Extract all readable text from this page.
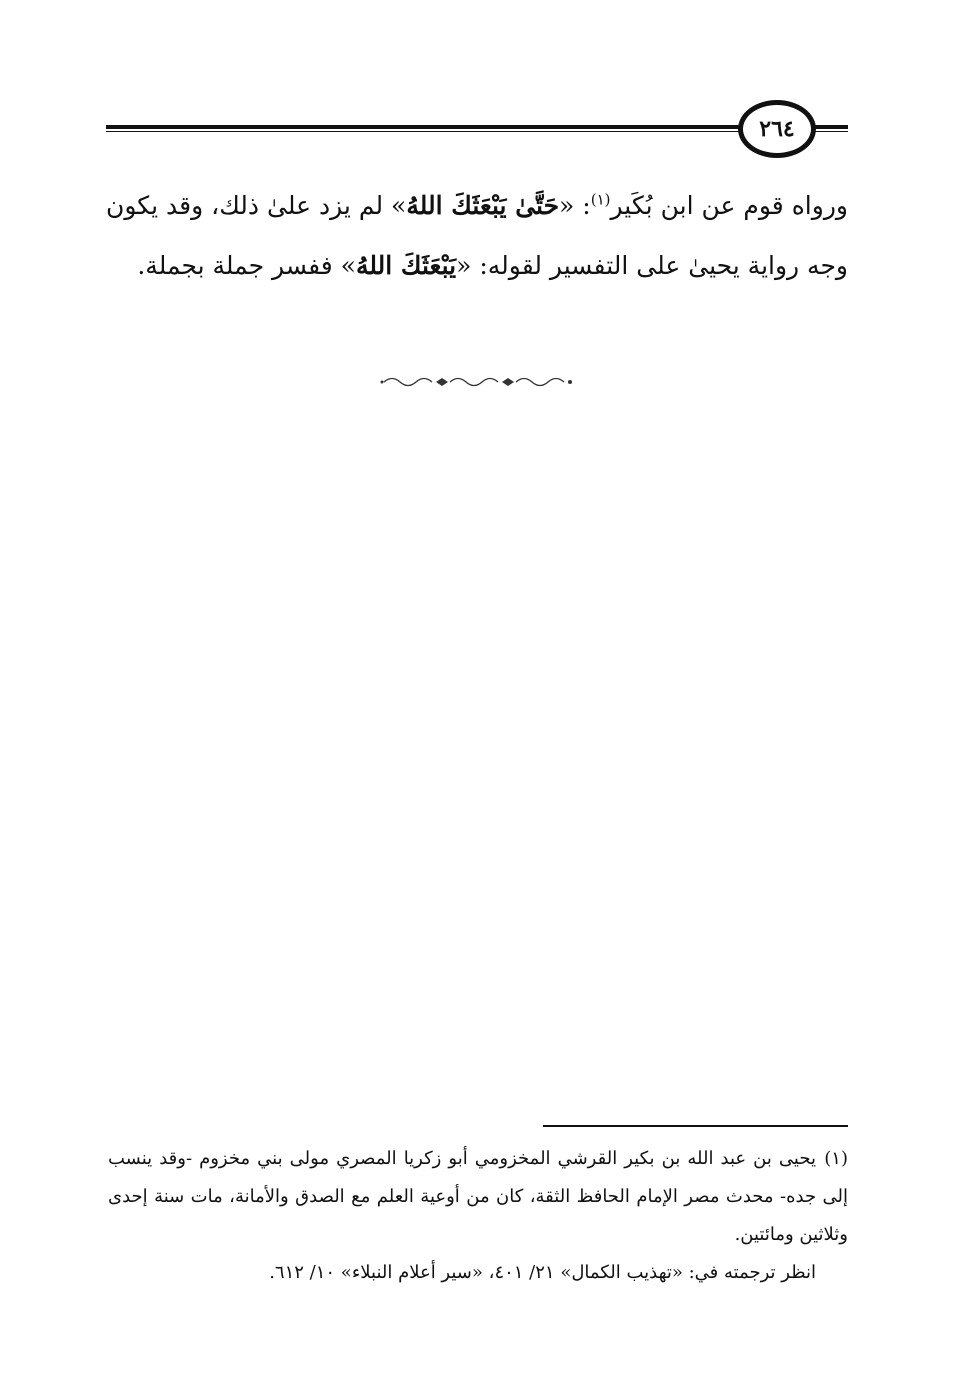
٢٦٤

ورواه قوم عن ابن بُكَير$^{(١)}$: «حَتَّىٰ يَبْعَثَكَ اللهُ» لم يزد علىٰ ذلك، وقد يكون وجه رواية يحيىٰ على التفسير لقوله: «يَبْعَثَكَ اللهُ» ففسر جملة بجملة.

(١)يحيى بن عبد الله بن بكير القرشي المخزومي أبو زكريا المصري مولى بني مخزوم -وقد ينسب إلى جده- محدث مصر الإمام الحافظ الثقة، كان من أوعية العلم مع الصدق والأمانة، مات سنة إحدى وثلاثين ومائتين.

انظر ترجمته في: «تهذيب الكمال» ٢١/ ٤٠١، «سير أعلام النبلاء» ١٠/ ٦١٢.
